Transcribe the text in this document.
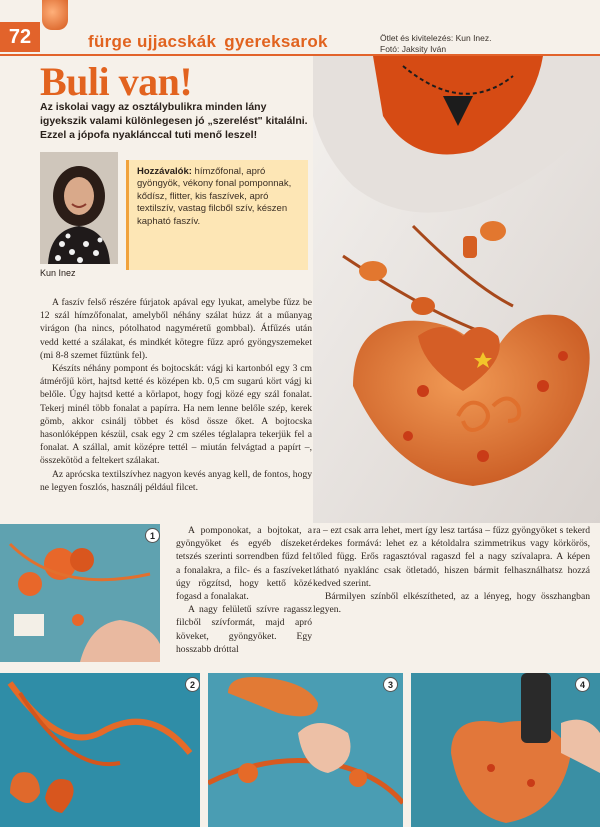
72	fürge ujjacskák gyereksarok	Ötlet és kivitelezés: Kun Inez.
Fotó: Jaksity Iván
Buli van!

Az iskolai vagy az osztálybulikra minden lány igyekszik valami különlegesen jó „szerelést" kitalálni. Ezzel a jópofa nyaklánccal tuti menő leszel!

Kun Inez
Hozzávalók: hímzőfonal, apró gyöngyök, vékony fonal pomponnak, kődísz, flitter, kis faszívek, apró textilszív, vastag filcből szív, készen kapható faszív.

A faszív felső részére fúrjatok apával egy lyukat, amelybe fűzz be 12 szál hímzőfonalat, amelyből néhány szálat húzz át a műanyag virágon (ha nincs, pótolhatod nagyméretű gombbal). Átfűzés után vedd ketté a szálakat, és mindkét kötegre fűzz apró gyöngyszemeket (mi 8-8 szemet fűztünk fel).

Készíts néhány pompont és bojtocskát: vágj ki kartonból egy 3 cm átmérőjű kört, hajtsd ketté és középen kb. 0,5 cm sugarú kört vágj ki belőle. Úgy hajtsd ketté a körlapot, hogy fogj közé egy szál fonalat. Tekerj minél több fonalat a papírra. Ha nem lenne belőle szép, kerek gömb, akkor csinálj többet és kösd össze őket. A bojtocska hasonlóképpen készül, csak egy 2 cm széles téglalapra tekerjük fel a fonalat. A szállal, amit középre tettél – miután felvágtad a papírt –, összekötöd a feltekert szálakat.

Az aprócska textilszívhez nagyon kevés anyag kell, de fontos, hogy ne legyen foszlós, használj például filcet.

1	A pomponokat, a bojtokat, a gyöngyöket és egyéb díszeket tetszés szerinti sorrendben fűzd fel a fonalakra, a filc- és a faszíveket úgy rögzítsd, hogy kettő közé fogasd a fonalakat.

A nagy felületű szívre ragassz filcből szívformát, majd apró köveket, gyöngyöket. Egy hosszabb dróttal

ra – ezt csak arra lehet, mert így lesz tartása – fűzz gyöngyöket s tekerd érdekes formává: lehet ez a kétoldalra szimmetrikus vagy körkörös, tőled függ. Erős ragasztóval ragaszd fel a nagy szívalapra. A képen látható nyaklánc csak ötletadó, hiszen bármit felhasználhatsz hozzá kedved szerint.

Bármilyen színből elkészítheted, az a lényeg, hogy összhangban legyen.

2	3	4
